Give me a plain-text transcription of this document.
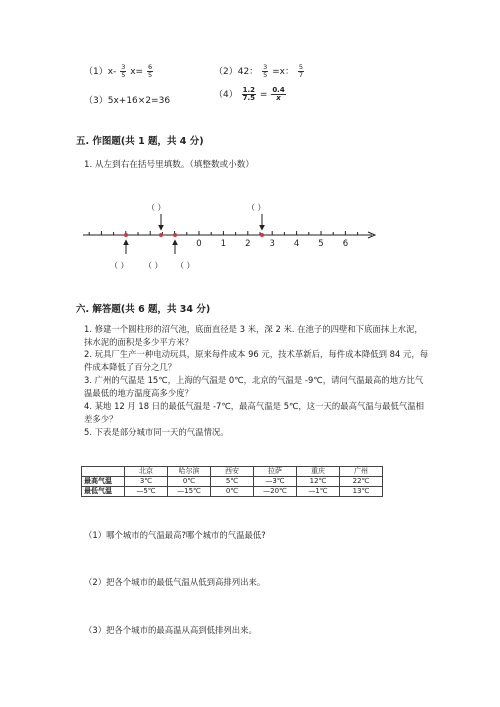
$(1)x- \frac{3}{5} x= \frac{6}{5}$	（2）42： $\frac{3}{5} =x$： $\frac{5}{7}$
（3）5x+16×2=36
$(4) \frac{1.2}{7.5} = \frac{0.4}{x}$
五. 作图题(共 1 题，共 4 分)
1. 从左到右在括号里填数。（填整数或小数）
0 1 2 3 4 5 6
（ ）	（ ）
（ ） （ ） （ ）
六. 解答题(共 6 题，共 34 分)
1. 修建一个圆柱形的沼气池，底面直径是 3 米，深 2 米. 在池子的四壁和下底面抹上水泥，抹水泥的面积是多少平方米？
2. 玩具厂生产一种电动玩具，原来每件成本 96 元，技术革新后，每件成本降低到 84 元，每件成本降低了百分之几？
3. 广州的气温是 15℃，上海的气温是 0℃，北京的气温是 -9℃，请问气温最高的地方比气温最低的地方温度高多少度？
4. 某地 12 月 18 日的最低气温是 -7℃，最高气温是 5℃，这一天的最高气温与最低气温相差多少？
5. 下表是部分城市同一天的气温情况。
	北京	哈尔滨	西安	拉萨	重庆	广州
最高气温	3℃	0℃	5℃	—3℃	12℃	22℃
最低气温	—5℃	—15℃	0℃	—20℃	—1℃	13℃
（1）哪个城市的气温最高?哪个城市的气温最低?
（2）把各个城市的最低气温从低到高排列出来。
（3）把各个城市的最高温从高到低排列出来。
